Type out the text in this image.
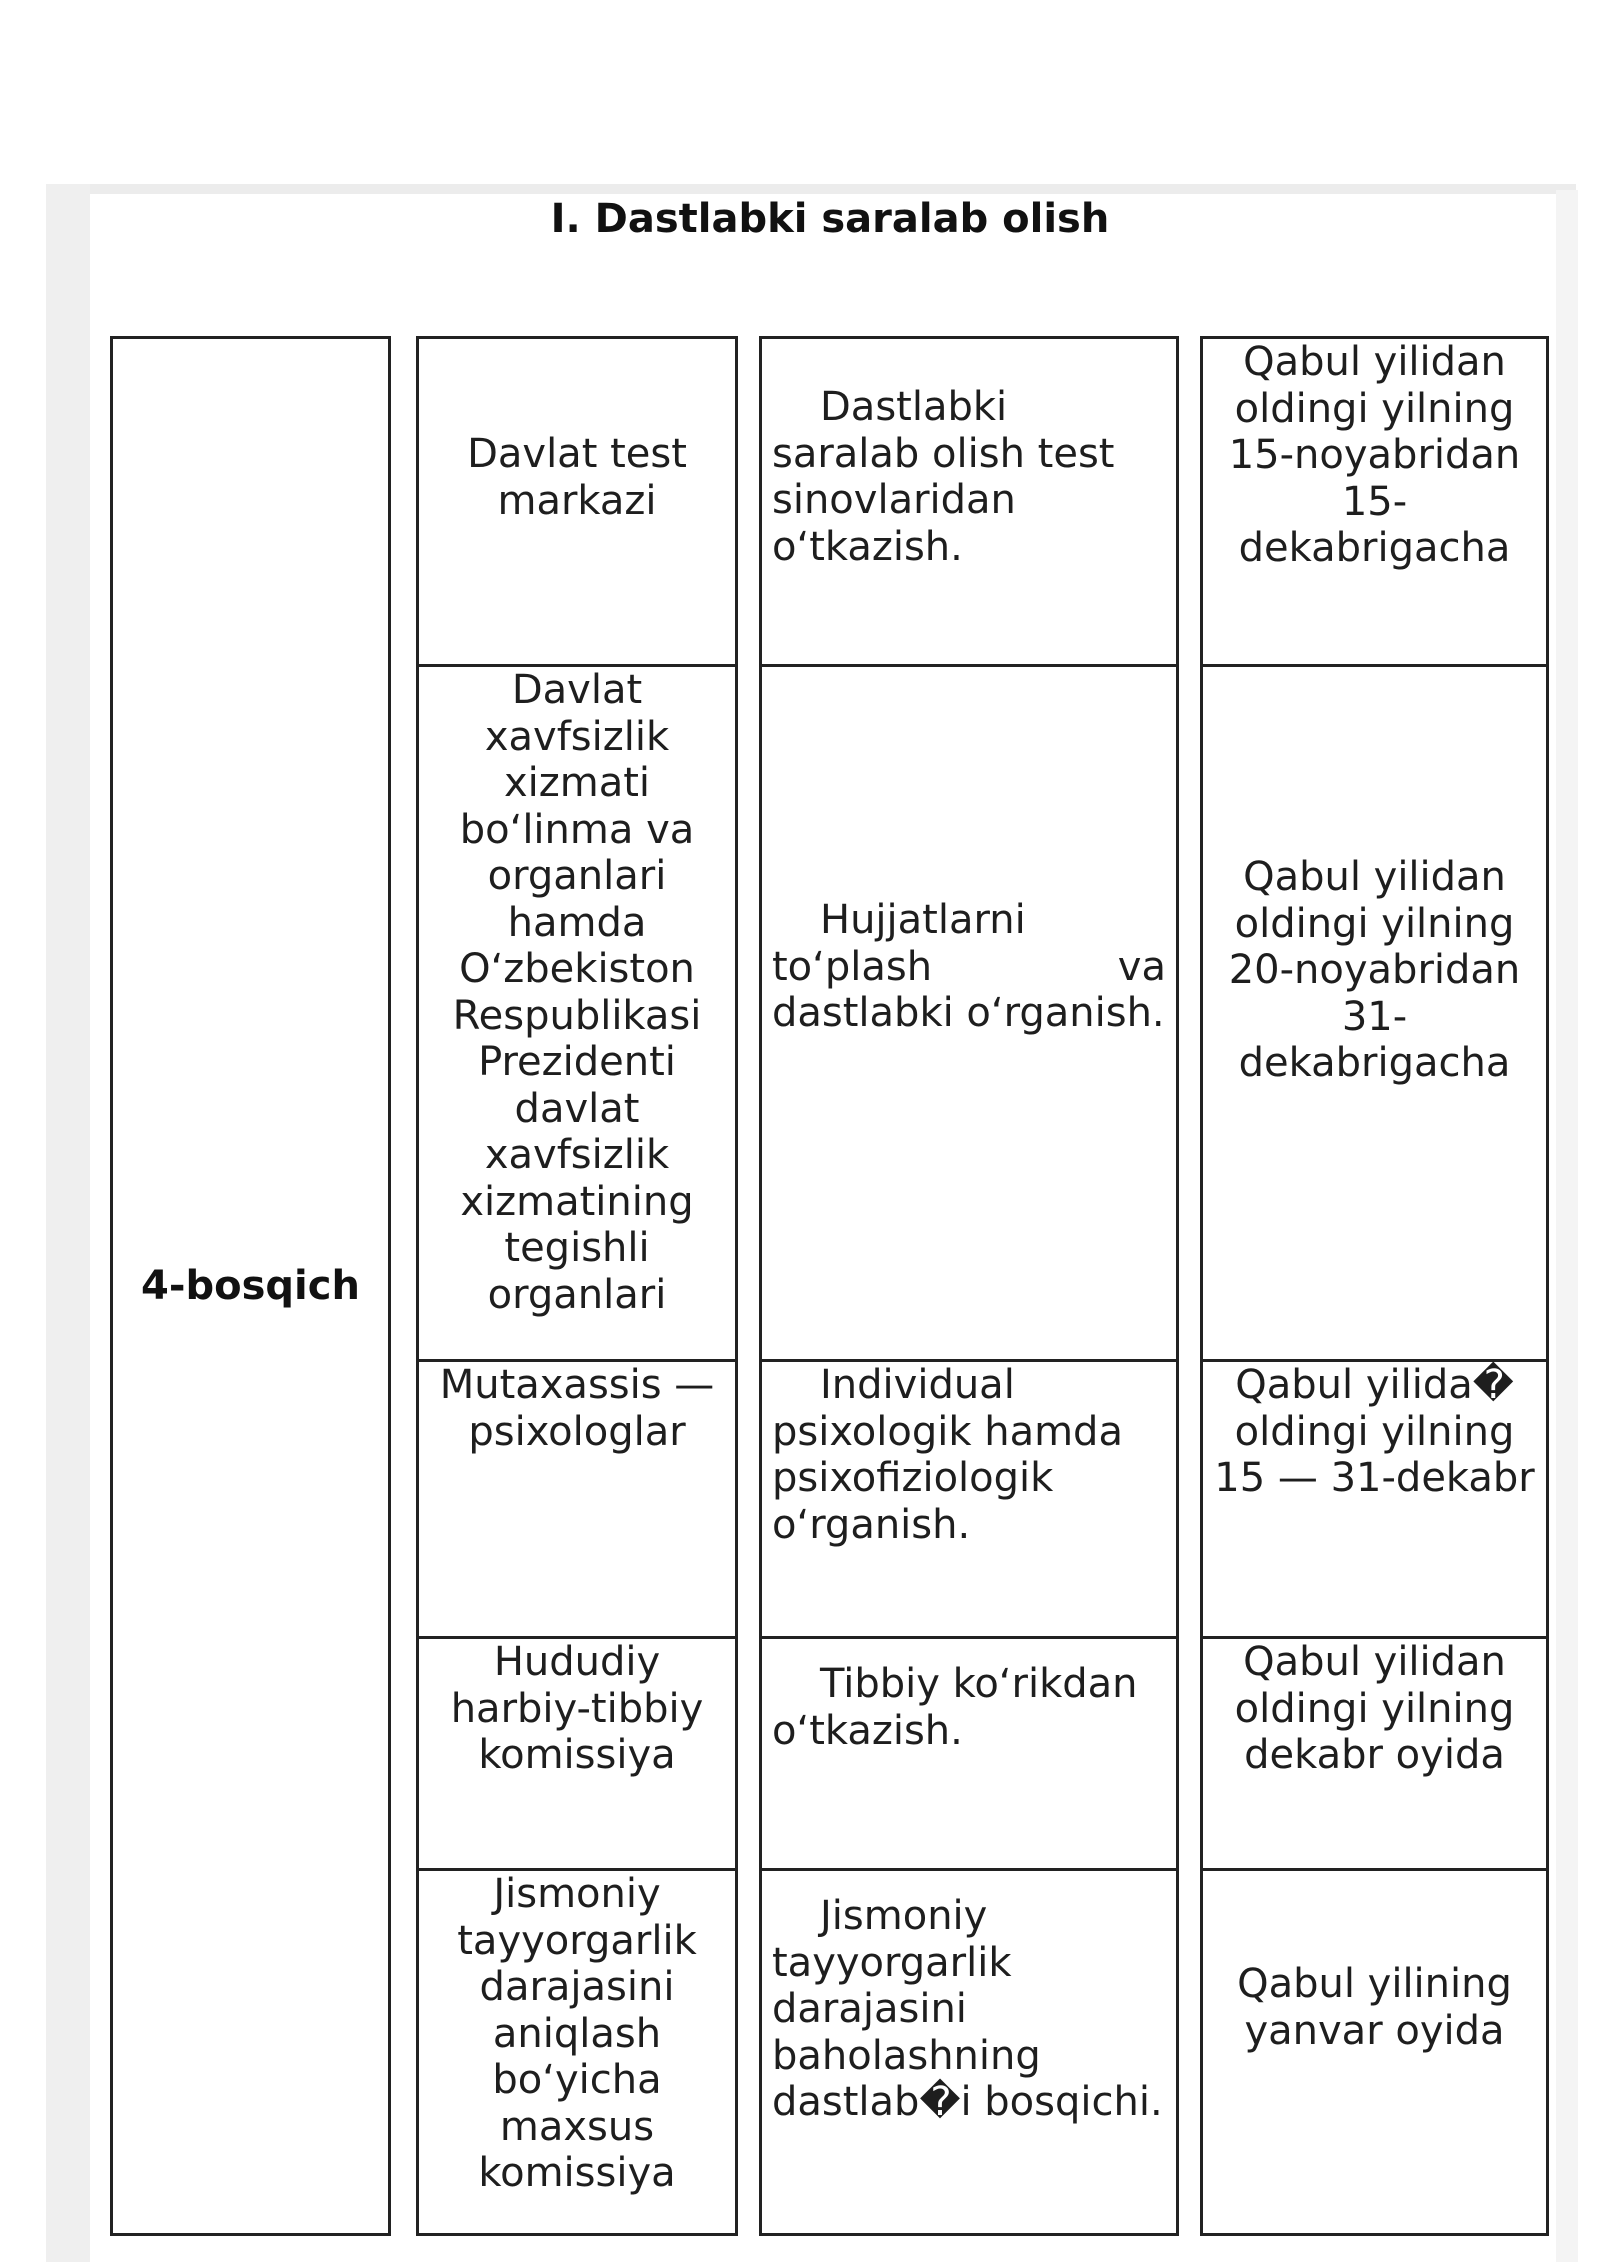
I. Dastlabki saralab olish
4-bosqich
Davlat test markazi
Davlat xavfsizlik xizmati bo‘linma va organlari hamda O‘zbekiston Respublikasi Prezidenti davlat xavfsizlik xizmatining tegishli organlari
Mutaxassis — psixologlar
Hududiy harbiy-tibbiy komissiya
Jismoniy tayyorgarlik darajasini aniqlash bo‘yicha maxsus komissiya
Dastlabki saralab olish test sinovlaridan o‘tkazish.
Hujjatlarni to‘plash va dastlabki o‘rganish.
Individual psixologik hamda psixofiziologik o‘rganish.
Tibbiy ko‘rikdan o‘tkazish.
Jismoniy tayyorgarlik darajasini baholashning dastlab�i bosqichi.
Qabul yilidan oldingi yilning 15-noyabridan 15-dekabrigacha
Qabul yilidan oldingi yilning 20-noyabridan 31-dekabrigacha
Qabul yilida� oldingi yilning 15 — 31-dekabr
Qabul yilidan oldingi yilning dekabr oyida
Qabul yilining yanvar oyida
